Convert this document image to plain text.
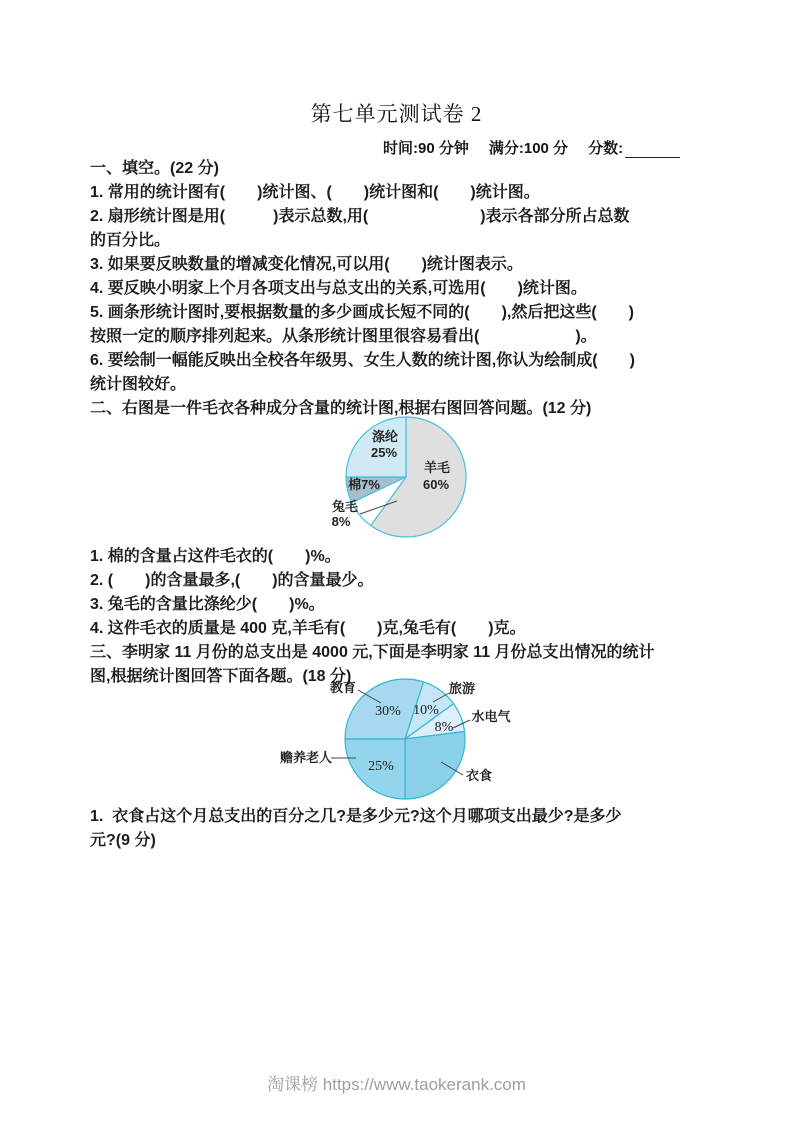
第七单元测试卷 2
时间:90 分钟 满分:100 分 分数:
一、填空。(22 分)
1. 常用的统计图有(　　)统计图、(　　)统计图和(　　)统计图。
2. 扇形统计图是用(　　　)表示总数,用(　　　　　　　)表示各部分所占总数
的百分比。
3. 如果要反映数量的增减变化情况,可以用(　　)统计图表示。
4. 要反映小明家上个月各项支出与总支出的关系,可选用(　　)统计图。
5. 画条形统计图时,要根据数量的多少画成长短不同的(　　),然后把这些(　　)
按照一定的顺序排列起来。从条形统计图里很容易看出(　　　　　　)。
6. 要绘制一幅能反映出全校各年级男、女生人数的统计图,你认为绘制成(　　)
统计图较好。
二、右图是一件毛衣各种成分含量的统计图,根据右图回答问题。(12 分)
涤纶
25%
羊毛
60%
棉7%
兔毛
8%
1. 棉的含量占这件毛衣的(　　)%。
2. (　　)的含量最多,(　　)的含量最少。
3. 兔毛的含量比涤纶少(　　)%。
4. 这件毛衣的质量是 400 克,羊毛有(　　)克,兔毛有(　　)克。
三、李明家 11 月份的总支出是 4000 元,下面是李明家 11 月份总支出情况的统计
图,根据统计图回答下面各题。(18 分)
教育
30%
旅游
10%	水电气
8%
赡养老人
25%
衣食
1.  衣食占这个月总支出的百分之几?是多少元?这个月哪项支出最少?是多少
元?(9 分)
淘课榜 https://www.taokerank.com
